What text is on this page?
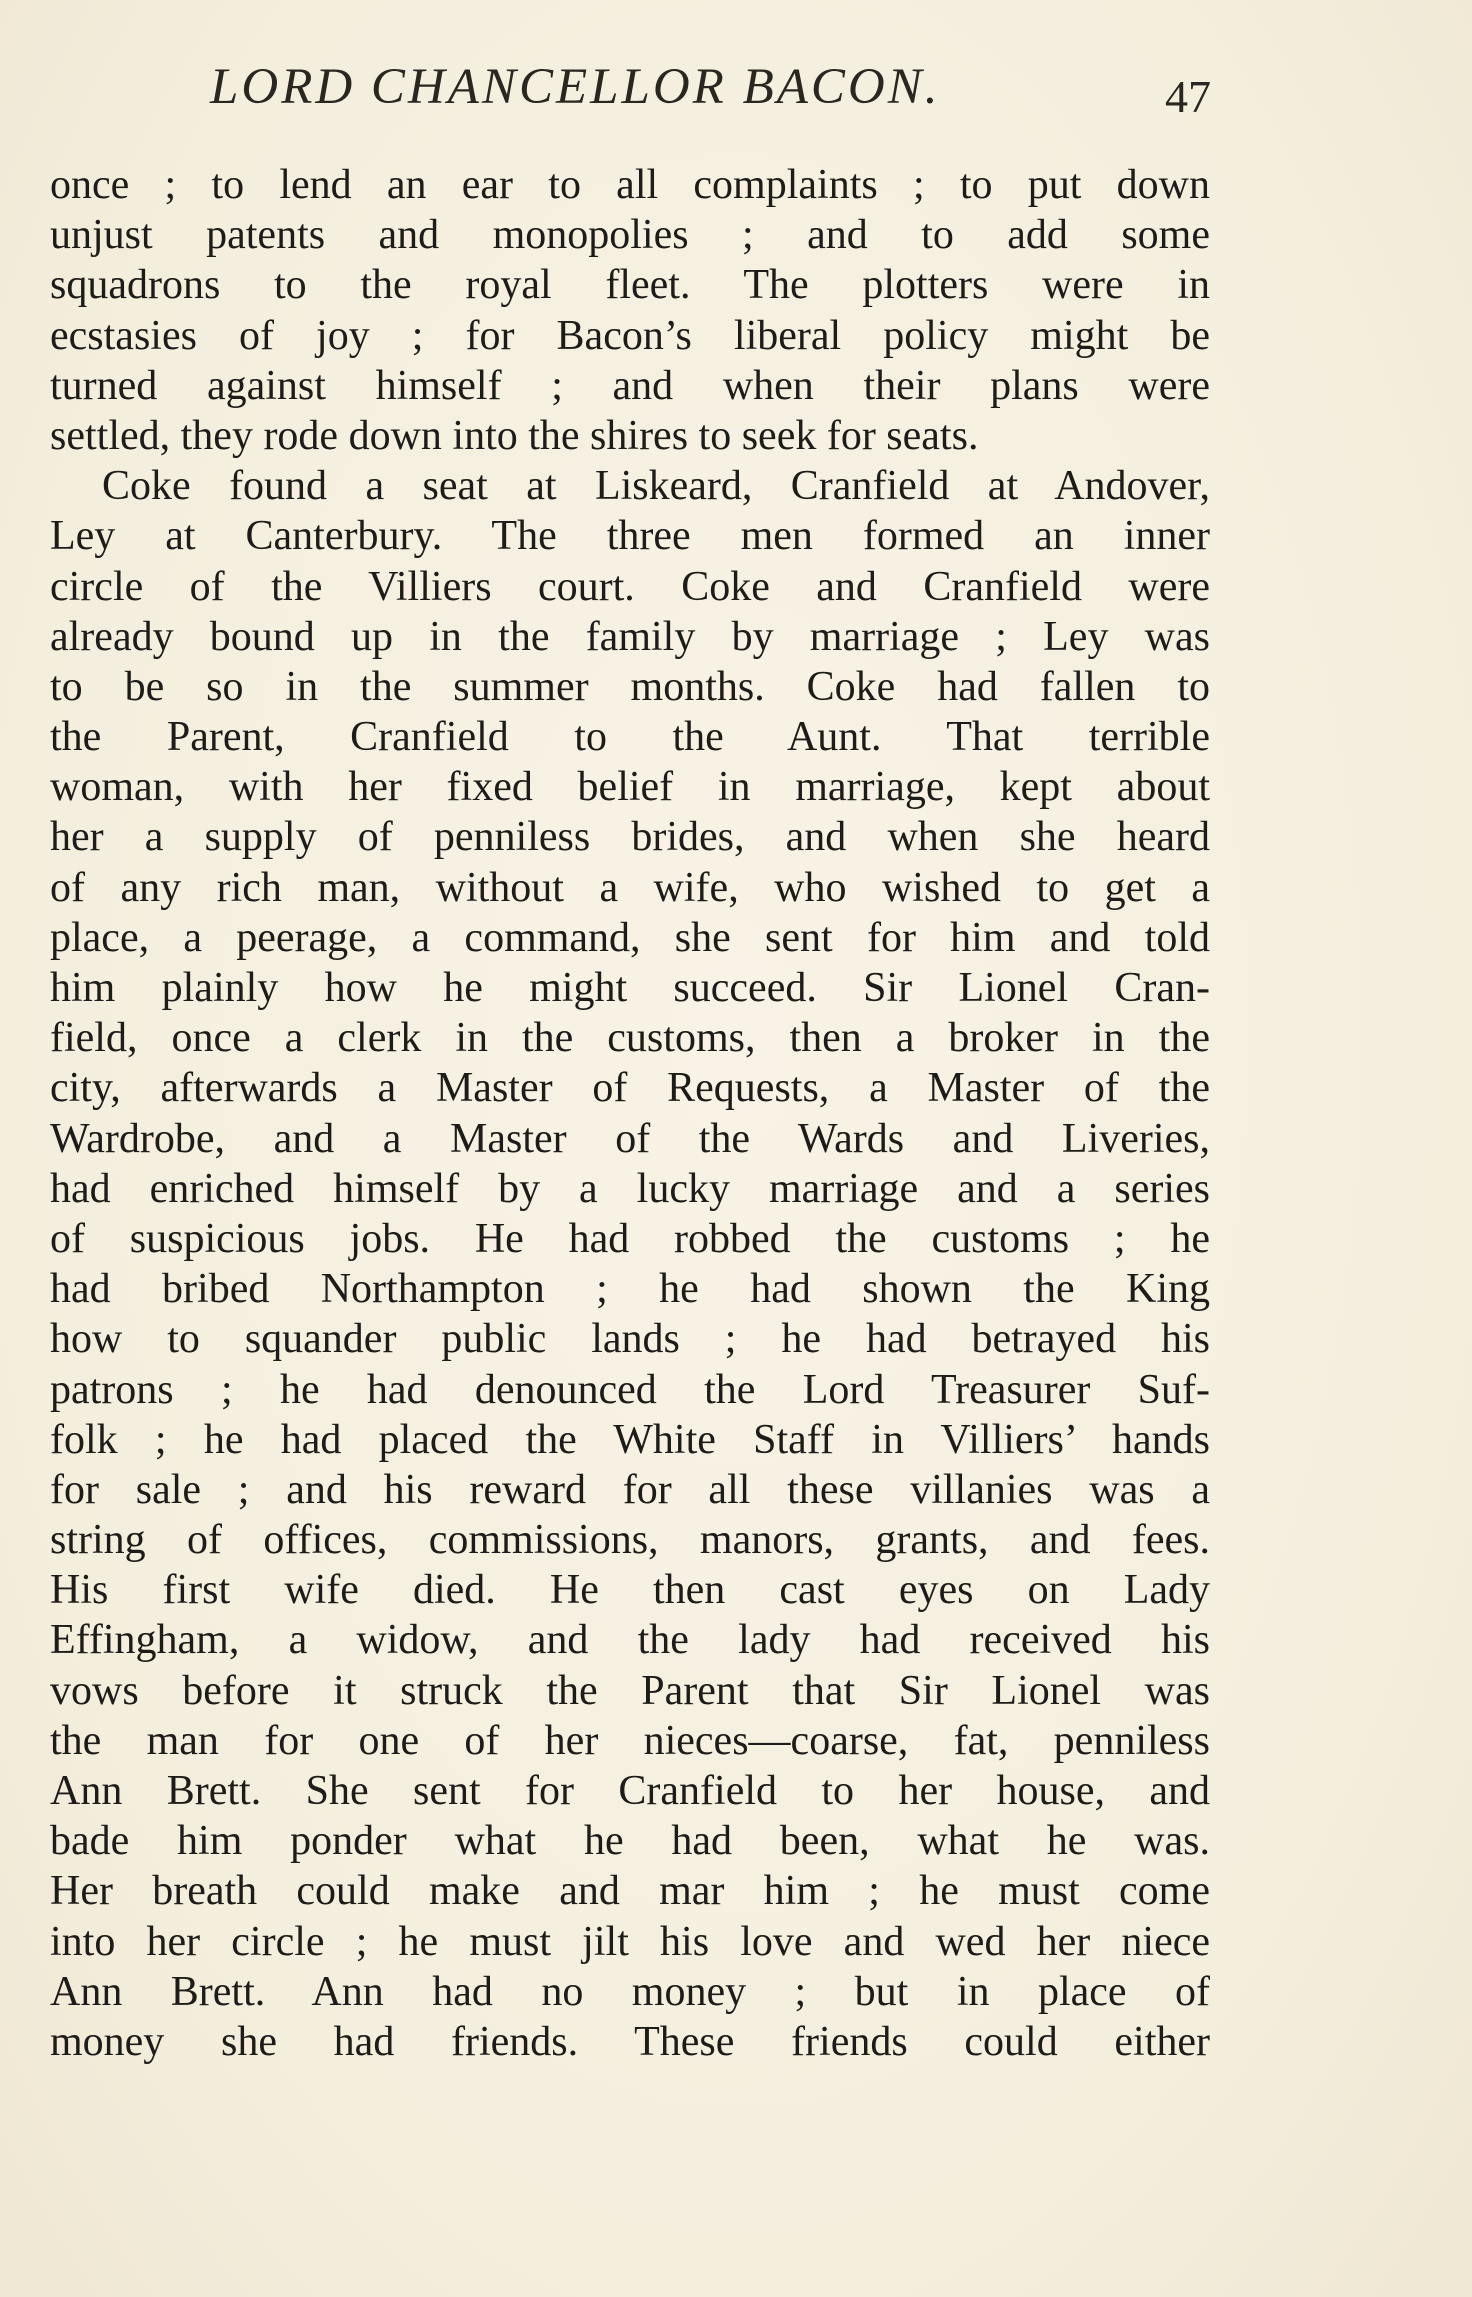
LORD CHANCELLOR BACON.	47
once ; to lend an ear to all complaints ; to put down
unjust patents and monopolies ; and to add some
squadrons to the royal fleet. The plotters were in
ecstasies of joy ; for Bacon’s liberal policy might be
turned against himself ; and when their plans were
settled, they rode down into the shires to seek for seats.
Coke found a seat at Liskeard, Cranfield at Andover,
Ley at Canterbury. The three men formed an inner
circle of the Villiers court. Coke and Cranfield were
already bound up in the family by marriage ; Ley was
to be so in the summer months. Coke had fallen to
the Parent, Cranfield to the Aunt. That terrible
woman, with her fixed belief in marriage, kept about
her a supply of penniless brides, and when she heard
of any rich man, without a wife, who wished to get a
place, a peerage, a command, she sent for him and told
him plainly how he might succeed. Sir Lionel Cran-
field, once a clerk in the customs, then a broker in the
city, afterwards a Master of Requests, a Master of the
Wardrobe, and a Master of the Wards and Liveries,
had enriched himself by a lucky marriage and a series
of suspicious jobs. He had robbed the customs ; he
had bribed Northampton ; he had shown the King
how to squander public lands ; he had betrayed his
patrons ; he had denounced the Lord Treasurer Suf-
folk ; he had placed the White Staff in Villiers’ hands
for sale ; and his reward for all these villanies was a
string of offices, commissions, manors, grants, and fees.
His first wife died. He then cast eyes on Lady
Effingham, a widow, and the lady had received his
vows before it struck the Parent that Sir Lionel was
the man for one of her nieces—coarse, fat, penniless
Ann Brett. She sent for Cranfield to her house, and
bade him ponder what he had been, what he was.
Her breath could make and mar him ; he must come
into her circle ; he must jilt his love and wed her niece
Ann Brett. Ann had no money ; but in place of
money she had friends. These friends could either
